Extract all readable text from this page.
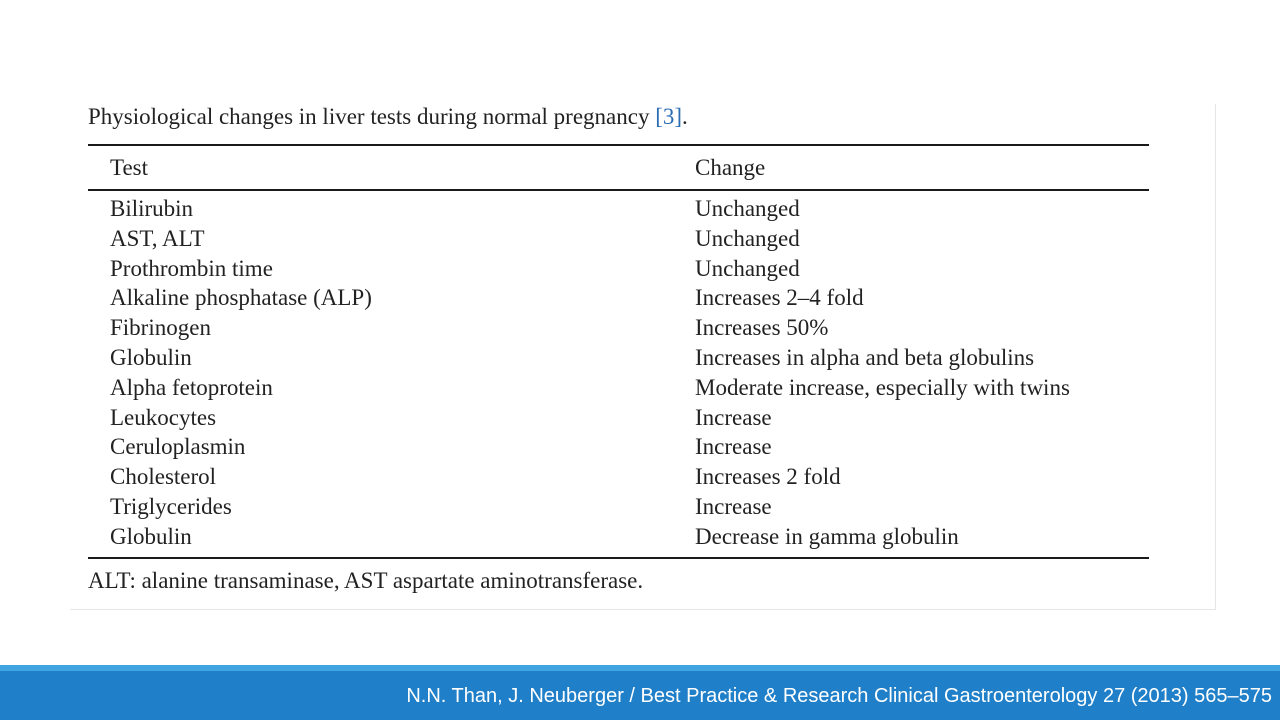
Physiological changes in liver tests during normal pregnancy [3].
Test	Change
Bilirubin	Unchanged
AST, ALT	Unchanged
Prothrombin time	Unchanged
Alkaline phosphatase (ALP)	Increases 2–4 fold
Fibrinogen	Increases 50%
Globulin	Increases in alpha and beta globulins
Alpha fetoprotein	Moderate increase, especially with twins
Leukocytes	Increase
Ceruloplasmin	Increase
Cholesterol	Increases 2 fold
Triglycerides	Increase
Globulin	Decrease in gamma globulin
ALT: alanine transaminase, AST aspartate aminotransferase.
N.N. Than, J. Neuberger / Best Practice & Research Clinical Gastroenterology 27 (2013) 565–575
